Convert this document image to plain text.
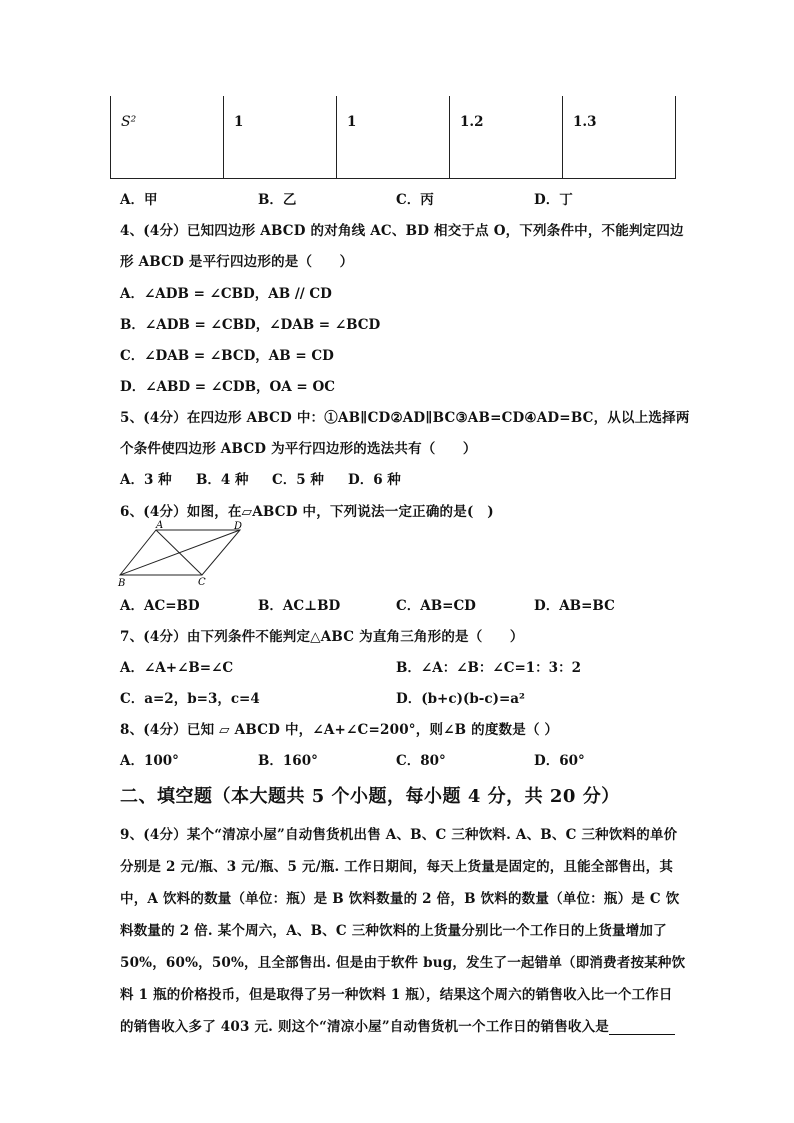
S²	1	1	1.2	1.3
A．甲	B．乙	C．丙	D．丁
4、(4分）已知四边形 ABCD 的对角线 AC、BD 相交于点 O，下列条件中，不能判定四边
形 ABCD 是平行四边形的是（　　）
A．∠ADB = ∠CBD，AB // CD
B．∠ADB = ∠CBD，∠DAB = ∠BCD
C．∠DAB = ∠BCD，AB = CD
D．∠ABD = ∠CDB，OA = OC
5、(4分）在四边形 ABCD 中：①AB∥CD②AD∥BC③AB=CD④AD=BC，从以上选择两
个条件使四边形 ABCD 为平行四边形的选法共有（　　）
A．3 种 B．4 种 C．5 种 D．6 种
6、(4分）如图，在▱ABCD 中，下列说法一定正确的是(　)
A	D
B	C
A．AC=BD	B．AC⊥BD	C．AB=CD	D．AB=BC
7、(4分）由下列条件不能判定△ABC 为直角三角形的是（　　）
A．∠A+∠B=∠C	B．∠A：∠B：∠C=1：3：2
C．a=2，b=3，c=4	D．(b+c)(b-c)=a²
8、(4分）已知 ▱ ABCD 中，∠A+∠C=200°，则∠B 的度数是（ ）
A．100°	B．160°	C．80°	D．60°
二、填空题（本大题共 5 个小题，每小题 4 分，共 20 分）
9、(4分）某个“清凉小屋”自动售货机出售 A、B、C 三种饮料. A、B、C 三种饮料的单价
分别是 2 元/瓶、3 元/瓶、5 元/瓶. 工作日期间，每天上货量是固定的，且能全部售出，其
中，A 饮料的数量（单位：瓶）是 B 饮料数量的 2 倍，B 饮料的数量（单位：瓶）是 C 饮
料数量的 2 倍. 某个周六，A、B、C 三种饮料的上货量分别比一个工作日的上货量增加了
50%，60%，50%，且全部售出. 但是由于软件 bug，发生了一起错单（即消费者按某种饮
料 1 瓶的价格投币，但是取得了另一种饮料 1 瓶），结果这个周六的销售收入比一个工作日
的销售收入多了 403 元. 则这个“清凉小屋”自动售货机一个工作日的销售收入是
